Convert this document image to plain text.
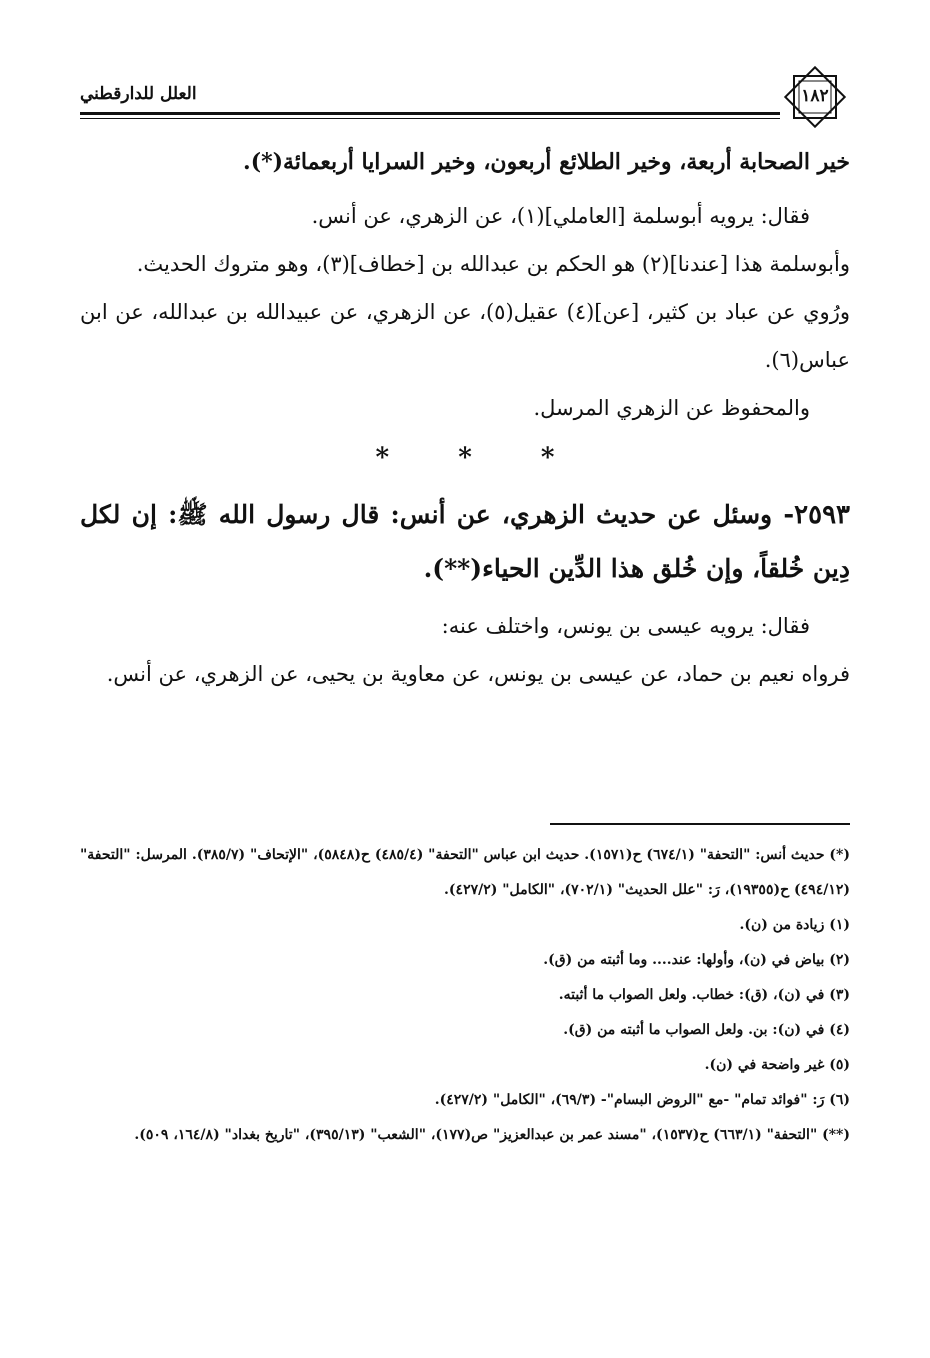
العلل للدارقطني	١٨٢

خير الصحابة أربعة، وخير الطلائع أربعون، وخير السرايا أربعمائة(*).

فقال: يرويه أبوسلمة [العاملي](١)، عن الزهري، عن أنس.

وأبوسلمة هذا [عندنا](٢) هو الحكم بن عبدالله بن [خطاف](٣)، وهو متروك الحديث.

ورُوي عن عباد بن كثير، [عن](٤) عقيل(٥)، عن الزهري، عن عبيدالله بن عبدالله، عن ابن عباس(٦).

والمحفوظ عن الزهري المرسل.

*	*	*

٢٥٩٣- وسئل عن حديث الزهري، عن أنس: قال رسول الله ﷺ: إن لكل دِين خُلقاً، وإن خُلق هذا الدِّين الحياء(**).

فقال: يرويه عيسى بن يونس، واختلف عنه:

فرواه نعيم بن حماد، عن عيسى بن يونس، عن معاوية بن يحيى، عن الزهري، عن أنس.

(*) حديث أنس: "التحفة" (٦٧٤/١) ح(١٥٧١). حديث ابن عباس "التحفة" (٤٨٥/٤) ح(٥٨٤٨)، "الإتحاف" (٣٨٥/٧). المرسل: "التحفة" (٤٩٤/١٢) ح(١٩٣٥٥)، رَ: "علل الحديث" (٧٠٢/١)، "الكامل" (٤٢٧/٢).

(١) زيادة من (ن).

(٢) بياض في (ن)، وأولها: عند.... وما أثبته من (ق).

(٣) في (ن)، (ق): خطاب. ولعل الصواب ما أثبته.

(٤) في (ن): بن. ولعل الصواب ما أثبته من (ق).

(٥) غير واضحة في (ن).

(٦) رَ: "فوائد تمام" -مع "الروض البسام"- (٦٩/٣)، "الكامل" (٤٢٧/٢).

(**) "التحفة" (٦٦٣/١) ح(١٥٣٧)، "مسند عمر بن عبدالعزيز" ص(١٧٧)، "الشعب" (٣٩٥/١٣)، "تاريخ بغداد" (١٦٤/٨، ٥٠٩).
